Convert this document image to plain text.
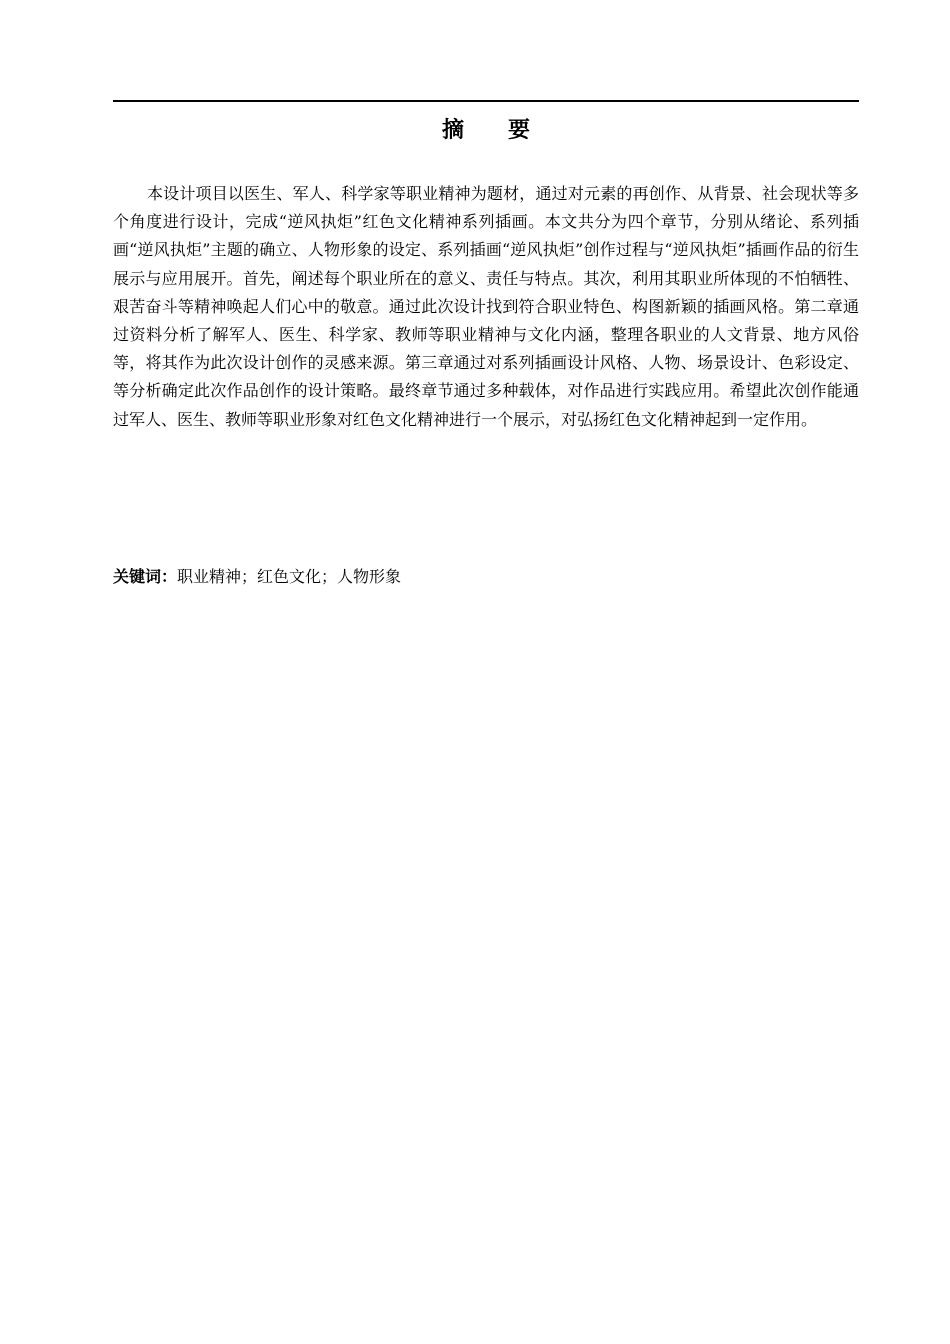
摘 要

本设计项目以医生、军人、科学家等职业精神为题材，通过对元素的再创作、从背景、社会现状等多个角度进行设计，完成“逆风执炬”红色文化精神系列插画。本文共分为四个章节，分别从绪论、系列插画“逆风执炬”主题的确立、人物形象的设定、系列插画“逆风执炬”创作过程与“逆风执炬”插画作品的衍生展示与应用展开。首先，阐述每个职业所在的意义、责任与特点。其次，利用其职业所体现的不怕牺牲、艰苦奋斗等精神唤起人们心中的敬意。通过此次设计找到符合职业特色、构图新颖的插画风格。第二章通过资料分析了解军人、医生、科学家、教师等职业精神与文化内涵，整理各职业的人文背景、地方风俗等，将其作为此次设计创作的灵感来源。第三章通过对系列插画设计风格、人物、场景设计、色彩设定、等分析确定此次作品创作的设计策略。最终章节通过多种载体，对作品进行实践应用。希望此次创作能通过军人、医生、教师等职业形象对红色文化精神进行一个展示，对弘扬红色文化精神起到一定作用。

关键词：职业精神；红色文化；人物形象
